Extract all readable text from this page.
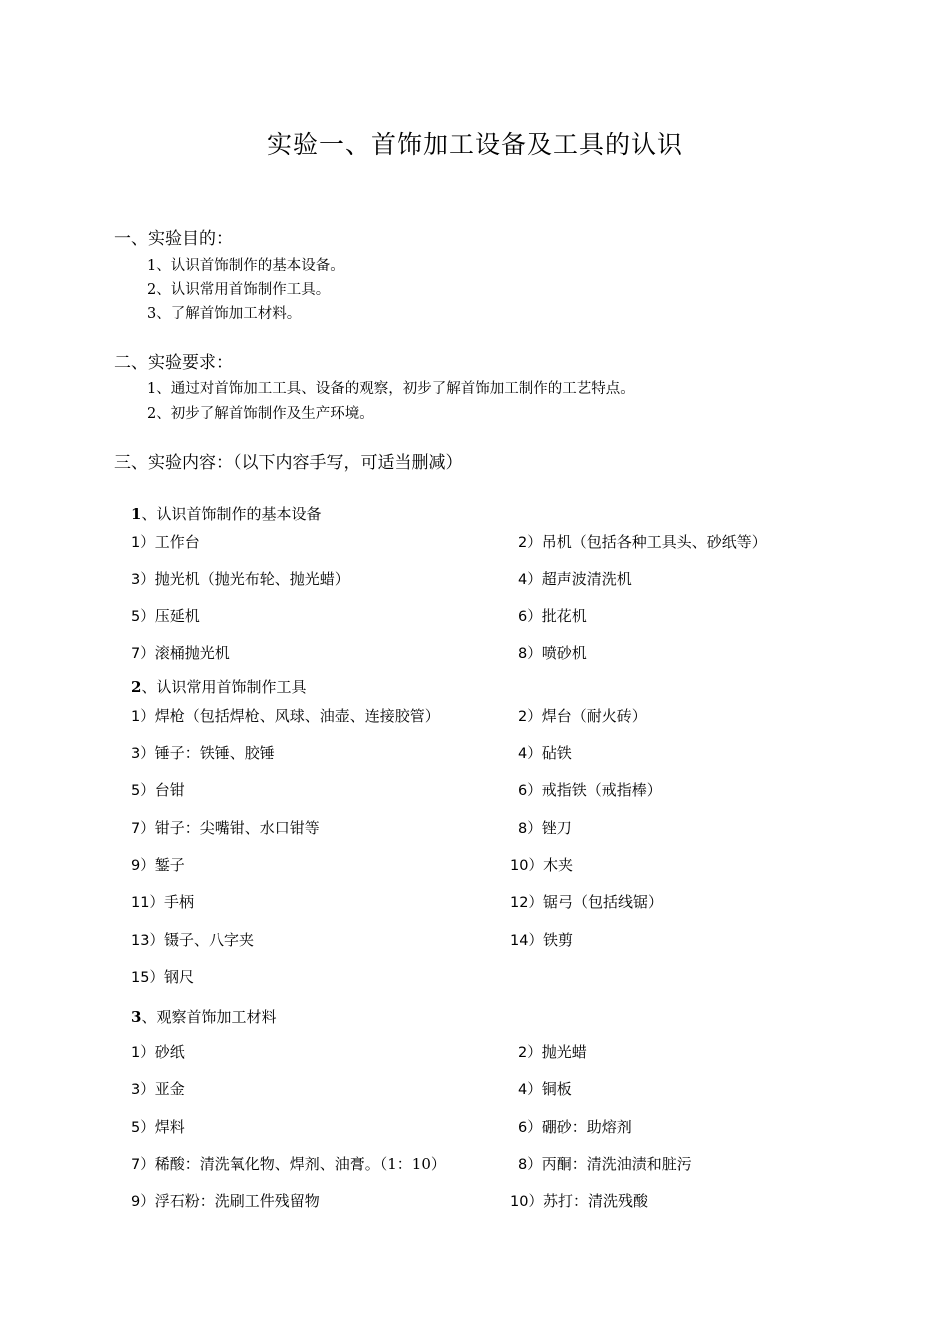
实验一、首饰加工设备及工具的认识
一、实验目的：
1、认识首饰制作的基本设备。
2、认识常用首饰制作工具。
3、了解首饰加工材料。
二、实验要求：
1、通过对首饰加工工具、设备的观察，初步了解首饰加工制作的工艺特点。
2、初步了解首饰制作及生产环境。
三、实验内容：（以下内容手写，可适当删减）
1、认识首饰制作的基本设备
1）工作台	2）吊机（包括各种工具头、砂纸等）
3）抛光机（抛光布轮、抛光蜡）	4）超声波清洗机
5）压延机	6）批花机
7）滚桶抛光机	8）喷砂机
2、认识常用首饰制作工具
1）焊枪（包括焊枪、风球、油壶、连接胶管）	2）焊台（耐火砖）
3）锤子：铁锤、胶锤	4）砧铁
5）台钳	6）戒指铁（戒指棒）
7）钳子：尖嘴钳、水口钳等	8）锉刀
9）錾子	10）木夹
11）手柄	12）锯弓（包括线锯）
13）镊子、八字夹	14）铁剪
15）钢尺
3、观察首饰加工材料
1）砂纸	2）抛光蜡
3）亚金	4）铜板
5）焊料	6）硼砂：助熔剂
7）稀酸：清洗氧化物、焊剂、油膏。（1：10）	8）丙酮：清洗油渍和脏污
9）浮石粉：洗刷工件残留物	10）苏打：清洗残酸
